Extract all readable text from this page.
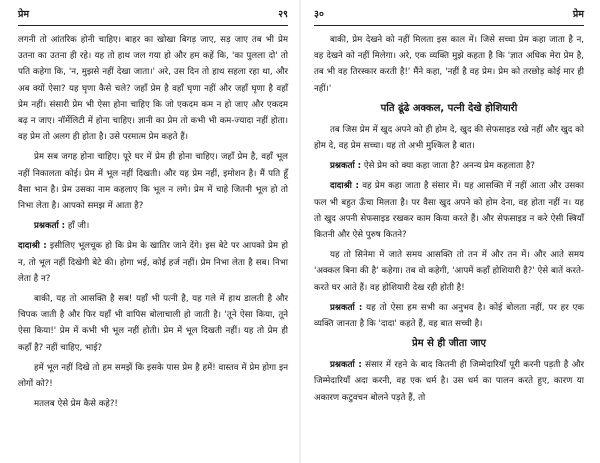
प्रेम	२९

लगनी तो आंतरिक होनी चाहिए। बाहर का खोखा बिगड़ जाए, सड़ जाए तब भी प्रेम उतना का उतना ही रहे। यह तो हाथ जल गया हो और हम कहें कि, 'का पुलला दो' तो पति कहेगा कि, 'न, मुझसे नहीं देखा जाता।' अरे, उस दिन तो हाथ सहला रहा था, और अब क्यों ऐसा? यह घृणा कैसे चले? जहाँ प्रेम है वहाँ घृणा नहीं और जहाँ घृणा है वहाँ प्रेम नहीं। संसारी प्रेम भी ऐसा होना चाहिए कि जो एकदम कम न हो जाए और एकदम बढ़ न जाए। नॉर्मेलिटी में होना चाहिए। ज्ञानी का प्रेम तो कभी भी कम-ज्यादा नहीं होता। वह प्रेम तो अलग ही होता है। उसे परमात्म प्रेम कहते हैं।

प्रेम सब जगह होना चाहिए। पूरे घर में प्रेम ही होना चाहिए। जहाँ प्रेम है, वहाँ भूल नहीं निकालता कोई। प्रेम में भूल नहीं दिखती। और यह प्रेम नहीं, इमोशन है। मैं पति हूँ वैसा भान है। प्रेम उसका नाम कहलाए कि भूल न लगे। प्रेम में चाहे जितनी भूल हो तो निभा लेता है। आपको समझ में आता है?

प्रश्नकर्ता : हाँ जी।

दादाश्री : इसीलिए भूलचूक हो कि प्रेम के खातिर जाने देंगे। इस बेटे पर आपको प्रेम हो न, तो भूल नहीं दिखेगी बेटे की। होगा भई, कोई हर्ज नहीं। प्रेम निभा लेता है सब। निभा लेता है न?

बाकी, यह तो आसक्ति है सब! यहाँ भी पत्नी है, यह गले में हाथ डालती है और चिपक जाती है और फिर यहाँ भी वापिस बोलाचाली हो जाती है। 'तूने ऐसा किया, तूने ऐसा किया!' प्रेम में कभी भी भूल नहीं होती। प्रेम में भूल दिखती नहीं। यह तो प्रेम ही कहाँ है? नहीं चाहिए, भाई?

हमें भूल नहीं दिखे तो हम समझें कि इसके पास प्रेम है हमें! वास्तव में प्रेम होगा इन लोगों को?!

मतलब ऐसे प्रेम कैसे कहे?!

३०	प्रेम

बाकी, प्रेम देखने को नहीं मिलता इस काल में। जिसे सच्चा प्रेम कहा जाता है न, वह देखने को नहीं मिलेगा। अरे, एक व्यक्ति मुझे कहता है कि 'ज्ञात अधिक मेरा प्रेम है, तब भी वह तिरस्कार करती है!' मैंने कहा, 'नहीं है वह प्रेम। प्रेम को तरछोड़ कोई मार ही नहीं।'

पति ढूंढे अक्कल, पत्नी देखे होशियारी

तब जिस प्रेम में खुद अपने को ही होम दे, खुद की सेफसाइड रखे नहीं और खुद को होम दे, वह प्रेम सच्चा। यह तो अभी मुश्किल है बात।

प्रश्नकर्ता : ऐसे प्रेम को क्या कहा जाता है? अनन्य प्रेम कहलाता है?

दादाश्री : वह प्रेम कहा जाता है संसार में। यह आसक्ति में नहीं आता और उसका फल भी बहुत ऊँचा मिलता है। पर वैसा खुद अपने को होम देना, वह होता नहीं न। यह तो खुद अपनी सेफसाइड रखकर काम किया करते हैं। और सेफसाइड न करे ऐसी स्त्रियाँ कितनी और ऐसे पुरुष कितने?

यह तो सिनेमा में जाते समय आसक्ति तो तन में और तन में। और आते समय 'अक्कल बिना की है' कहेगा। तब वो कहेगी, 'आपमें कहाँ होशियारी है?' ऐसे बातें करते-करते घर आते हैं। वह होशियारी देख रही होती है!

प्रश्नकर्ता : यह तो ऐसा हम सभी का अनुभव है। कोई बोलता नहीं, पर हर एक व्यक्ति जानता है कि 'दादा' कहते हैं, वह बात सच्ची है।

प्रेम से ही जीता जाए

प्रश्नकर्ता : संसार में रहने के बाद कितनी ही जिम्मेदारियाँ पूरी करनी पड़ती है और जिम्मेदारियाँ अदा करनी, वह एक धर्म है। उस धर्म का पालन करते हुए, कारण या अकारण कटुवचन बोलने पड़ते हैं, तो
